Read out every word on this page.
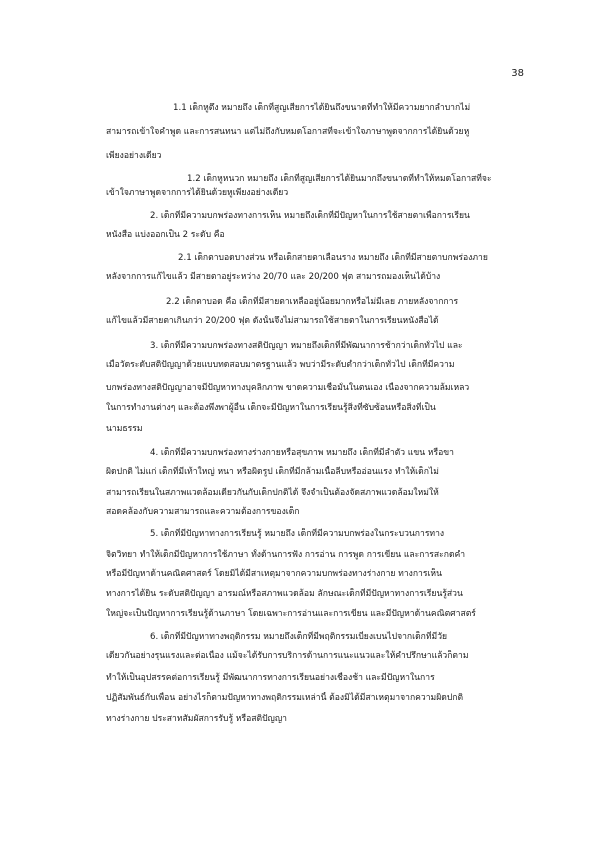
38
1.1 เด็กหูตึง หมายถึง เด็กที่สูญเสียการได้ยินถึงขนาดที่ทำให้มีความยากลำบากไม่
สามารถเข้าใจคำพูด และการสนทนา แต่ไม่ถึงกับหมดโอกาสที่จะเข้าใจภาษาพูดจากการได้ยินด้วยหู
เพียงอย่างเดียว
1.2 เด็กหูหนวก หมายถึง เด็กที่สูญเสียการได้ยินมากถึงขนาดที่ทำให้หมดโอกาสที่จะ
เข้าใจภาษาพูดจากการได้ยินด้วยหูเพียงอย่างเดียว
2. เด็กที่มีความบกพร่องทางการเห็น หมายถึงเด็กที่มีปัญหาในการใช้สายตาเพื่อการเรียน
หนังสือ แบ่งออกเป็น 2 ระดับ คือ
2.1 เด็กตาบอดบางส่วน หรือเด็กสายตาเลือนราง หมายถึง เด็กที่มีสายตาบกพร่องภาย
หลังจากการแก้ไขแล้ว มีสายตาอยู่ระหว่าง 20/70 และ 20/200 ฟุต สามารถมองเห็นได้บ้าง
2.2 เด็กตาบอด คือ เด็กที่มีสายตาเหลืออยู่น้อยมากหรือไม่มีเลย ภายหลังจากการ
แก้ไขแล้วมีสายตาเกินกว่า 20/200 ฟุต ดังนั้นจึงไม่สามารถใช้สายตาในการเรียนหนังสือได้
3. เด็กที่มีความบกพร่องทางสติปัญญา หมายถึงเด็กที่มีพัฒนาการช้ากว่าเด็กทั่วไป และ
เมื่อวัดระดับสติปัญญาด้วยแบบทดสอบมาตรฐานแล้ว พบว่ามีระดับต่ำกว่าเด็กทั่วไป เด็กที่มีความ
บกพร่องทางสติปัญญาอาจมีปัญหาทางบุคลิกภาพ ขาดความเชื่อมั่นในตนเอง เนื่องจากความล้มเหลว
ในการทำงานต่างๆ และต้องพึ่งพาผู้อื่น เด็กจะมีปัญหาในการเรียนรู้สิ่งที่ซับซ้อนหรือสิ่งที่เป็น
นามธรรม
4. เด็กที่มีความบกพร่องทางร่างกายหรือสุขภาพ หมายถึง เด็กที่มีลำตัว แขน หรือขา
ผิดปกติ ไม่แก่ เด็กที่มีเท้าใหญ่ หนา หรือผิดรูป เด็กที่มีกล้ามเนื้อลีบหรืออ่อนแรง ทำให้เด็กไม่
สามารถเรียนในสภาพแวดล้อมเดียวกันกับเด็กปกติได้ จึงจำเป็นต้องจัดสภาพแวดล้อมใหม่ให้
สอดคล้องกับความสามารถและความต้องการของเด็ก
5. เด็กที่มีปัญหาทางการเรียนรู้ หมายถึง เด็กที่มีความบกพร่องในกระบวนการทาง
จิตวิทยา ทำให้เด็กมีปัญหาการใช้ภาษา ทั้งด้านการฟัง การอ่าน การพูด การเขียน และการสะกดคำ
หรือมีปัญหาด้านคณิตศาสตร์ โดยมิได้มีสาเหตุมาจากความบกพร่องทางร่างกาย ทางการเห็น
ทางการได้ยิน ระดับสติปัญญา อารมณ์หรือสภาพแวดล้อม ลักษณะเด็กที่มีปัญหาทางการเรียนรู้ส่วน
ใหญ่จะเป็นปัญหาการเรียนรู้ด้านภาษา โดยเฉพาะการอ่านและการเขียน และมีปัญหาด้านคณิตศาสตร์
6. เด็กที่มีปัญหาทางพฤติกรรม หมายถึงเด็กที่มีพฤติกรรมเบี่ยงเบนไปจากเด็กที่มีวัย
เดียวกันอย่างรุนแรงและต่อเนื่อง แม้จะได้รับการบริการด้านการแนะแนวและให้คำปรึกษาแล้วก็ตาม
ทำให้เป็นอุปสรรคต่อการเรียนรู้ มีพัฒนาการทางการเรียนอย่างเชื่องช้า และมีปัญหาในการ
ปฏิสัมพันธ์กับเพื่อน อย่างไรก็ตามปัญหาทางพฤติกรรมเหล่านี้ ต้องมิได้มีสาเหตุมาจากความผิดปกติ
ทางร่างกาย ประสาทสัมผัสการรับรู้ หรือสติปัญญา
